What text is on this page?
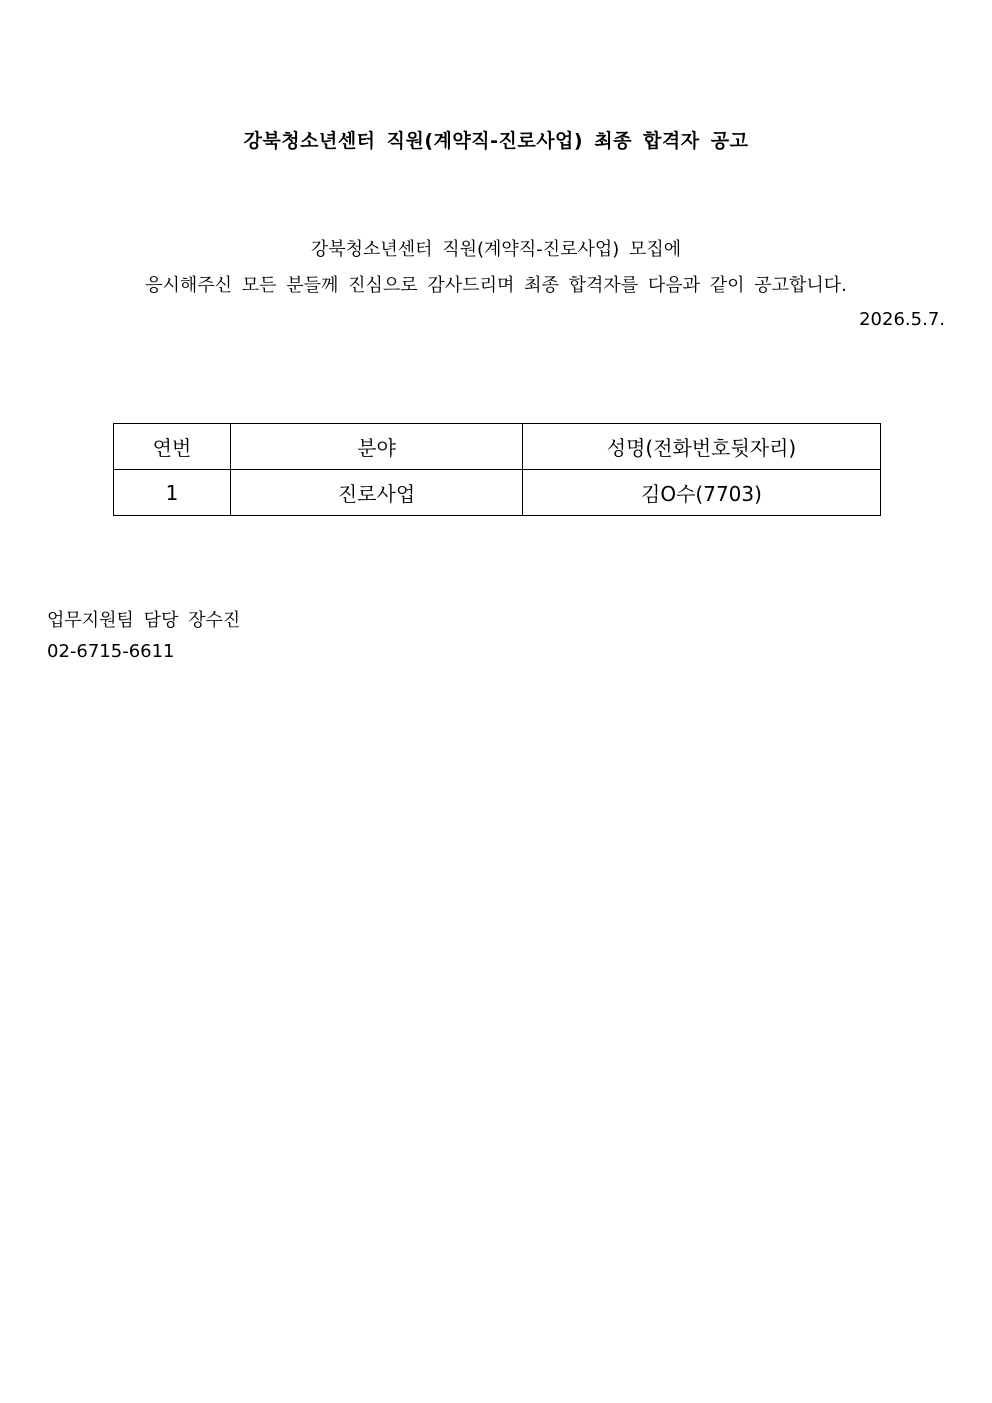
강북청소년센터 직원(계약직-진로사업) 최종 합격자 공고
강북청소년센터 직원(계약직-진로사업) 모집에
응시해주신 모든 분들께 진심으로 감사드리며 최종 합격자를 다음과 같이 공고합니다.
2026.5.7.
연번	분야	성명(전화번호뒷자리)
1	진로사업	김O수(7703)
업무지원팀 담당 장수진
02-6715-6611
